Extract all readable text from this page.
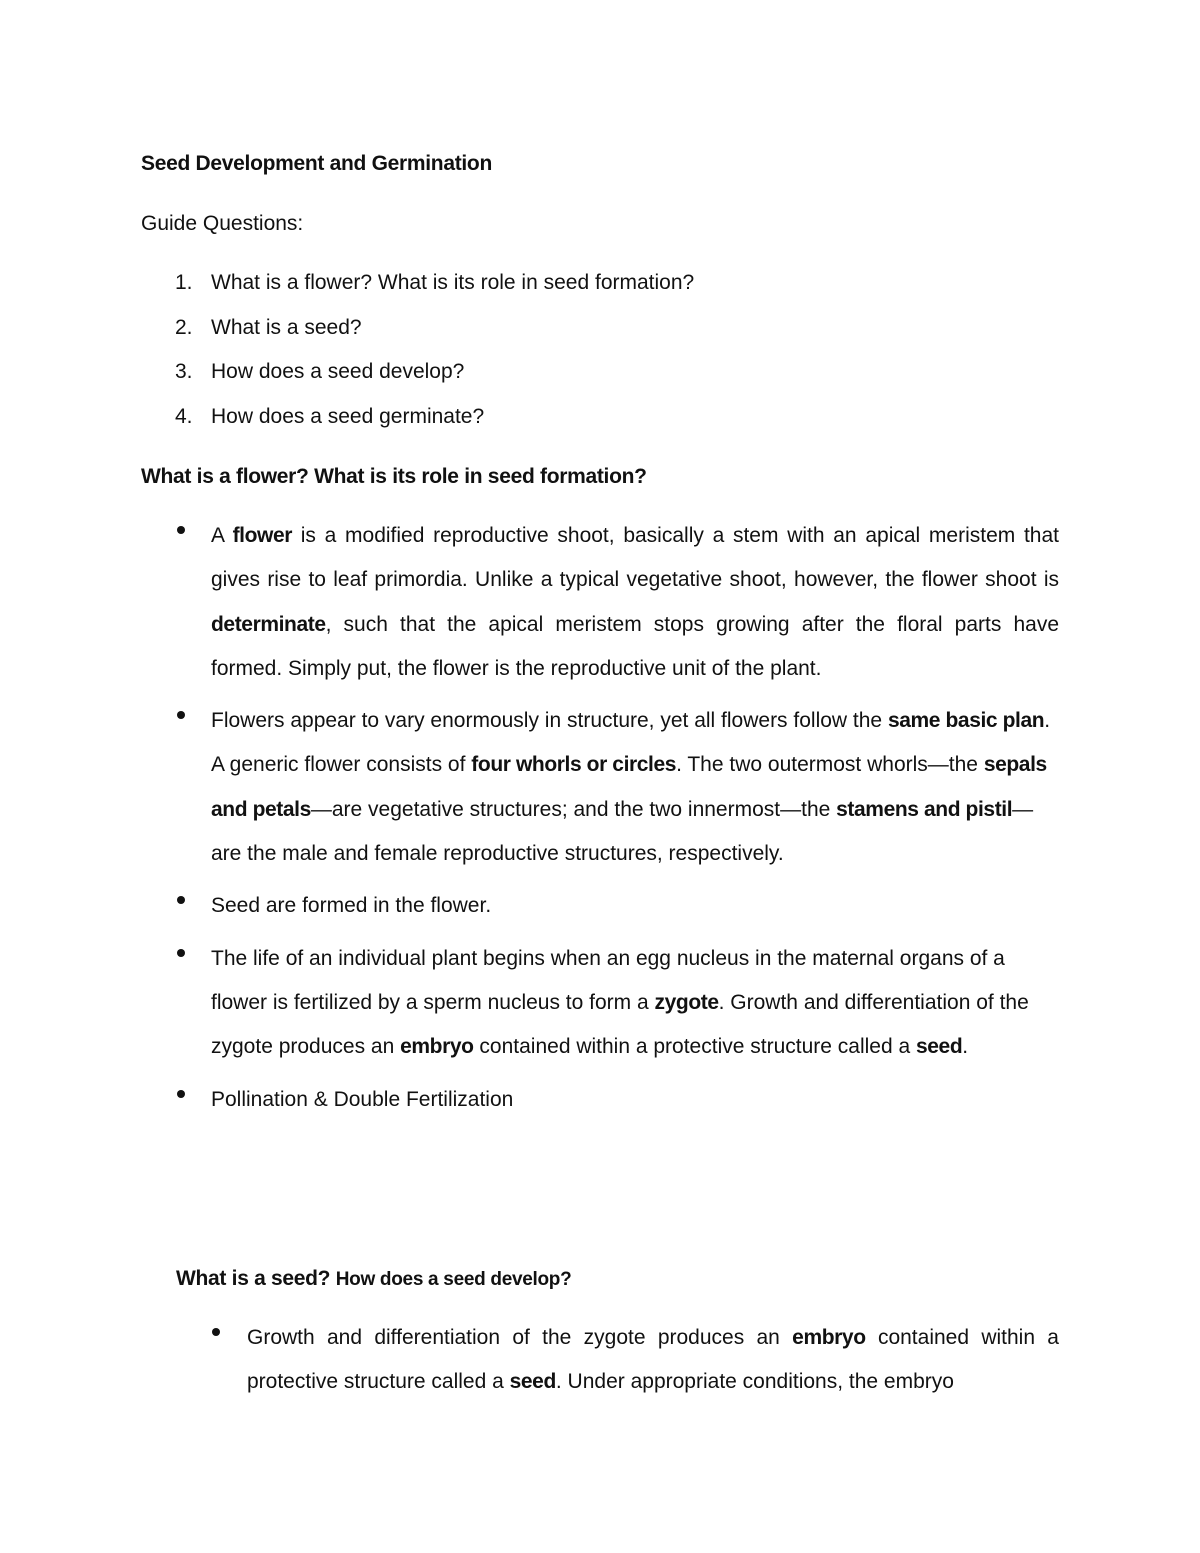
Seed Development and Germination

Guide Questions:

1. What is a flower? What is its role in seed formation?
2. What is a seed?
3. How does a seed develop?
4. How does a seed germinate?
What is a flower? What is its role in seed formation?
A flower is a modified reproductive shoot, basically a stem with an apical meristem that gives rise to leaf primordia. Unlike a typical vegetative shoot, however, the flower shoot is determinate, such that the apical meristem stops growing after the floral parts have formed. Simply put, the flower is the reproductive unit of the plant.
Flowers appear to vary enormously in structure, yet all flowers follow the same basic plan. A generic flower consists of four whorls or circles. The two outermost whorls—the sepals and petals—are vegetative structures; and the two innermost—the stamens and pistil— are the male and female reproductive structures, respectively.
Seed are formed in the flower.
The life of an individual plant begins when an egg nucleus in the maternal organs of a flower is fertilized by a sperm nucleus to form a zygote. Growth and differentiation of the zygote produces an embryo contained within a protective structure called a seed.
Pollination & Double Fertilization
What is a seed? How does a seed develop?
Growth and differentiation of the zygote produces an embryo contained within a protective structure called a seed. Under appropriate conditions, the embryo
